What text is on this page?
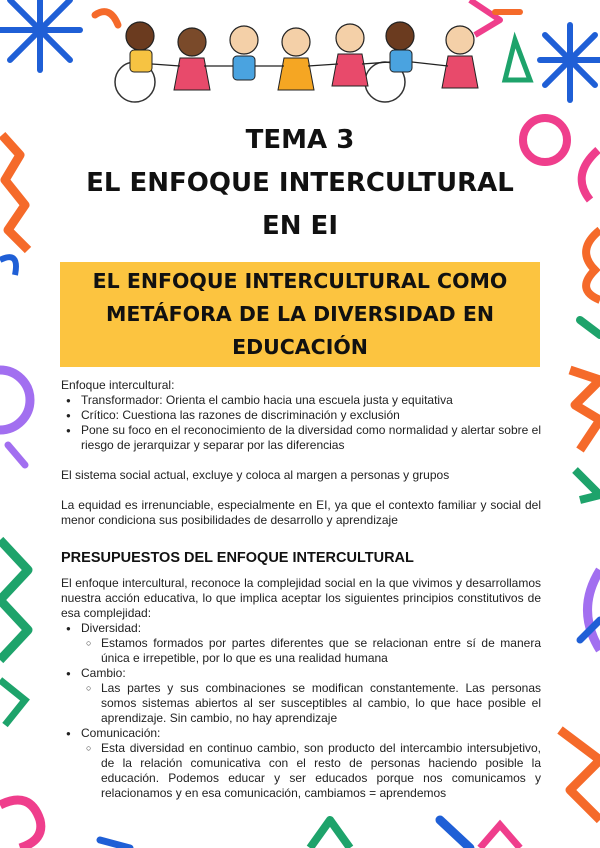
TEMA 3
EL ENFOQUE INTERCULTURAL
EN EI
EL ENFOQUE INTERCULTURAL COMO
METÁFORA DE LA DIVERSIDAD EN
EDUCACIÓN
Enfoque intercultural:
● Transformador: Orienta el cambio hacia una escuela justa y equitativa
● Crítico: Cuestiona las razones de discriminación y exclusión
● Pone su foco en el reconocimiento de la diversidad como normalidad y alertar sobre el riesgo de jerarquizar y separar por las diferencias
El sistema social actual, excluye y coloca al margen a personas y grupos
La equidad es irrenunciable, especialmente en EI, ya que el contexto familiar y social del menor condiciona sus posibilidades de desarrollo y aprendizaje
PRESUPUESTOS DEL ENFOQUE INTERCULTURAL
El enfoque intercultural, reconoce la complejidad social en la que vivimos y desarrollamos nuestra acción educativa, lo que implica aceptar los siguientes principios constitutivos de esa complejidad:
● Diversidad:
○ Estamos formados por partes diferentes que se relacionan entre sí de manera única e irrepetible, por lo que es una realidad humana
● Cambio:
○ Las partes y sus combinaciones se modifican constantemente. Las personas somos sistemas abiertos al ser susceptibles al cambio, lo que hace posible el aprendizaje. Sin cambio, no hay aprendizaje
● Comunicación:
○ Esta diversidad en continuo cambio, son producto del intercambio intersubjetivo, de la relación comunicativa con el resto de personas haciendo posible la educación. Podemos educar y ser educados porque nos comunicamos y relacionamos y en esa comunicación, cambiamos = aprendemos
